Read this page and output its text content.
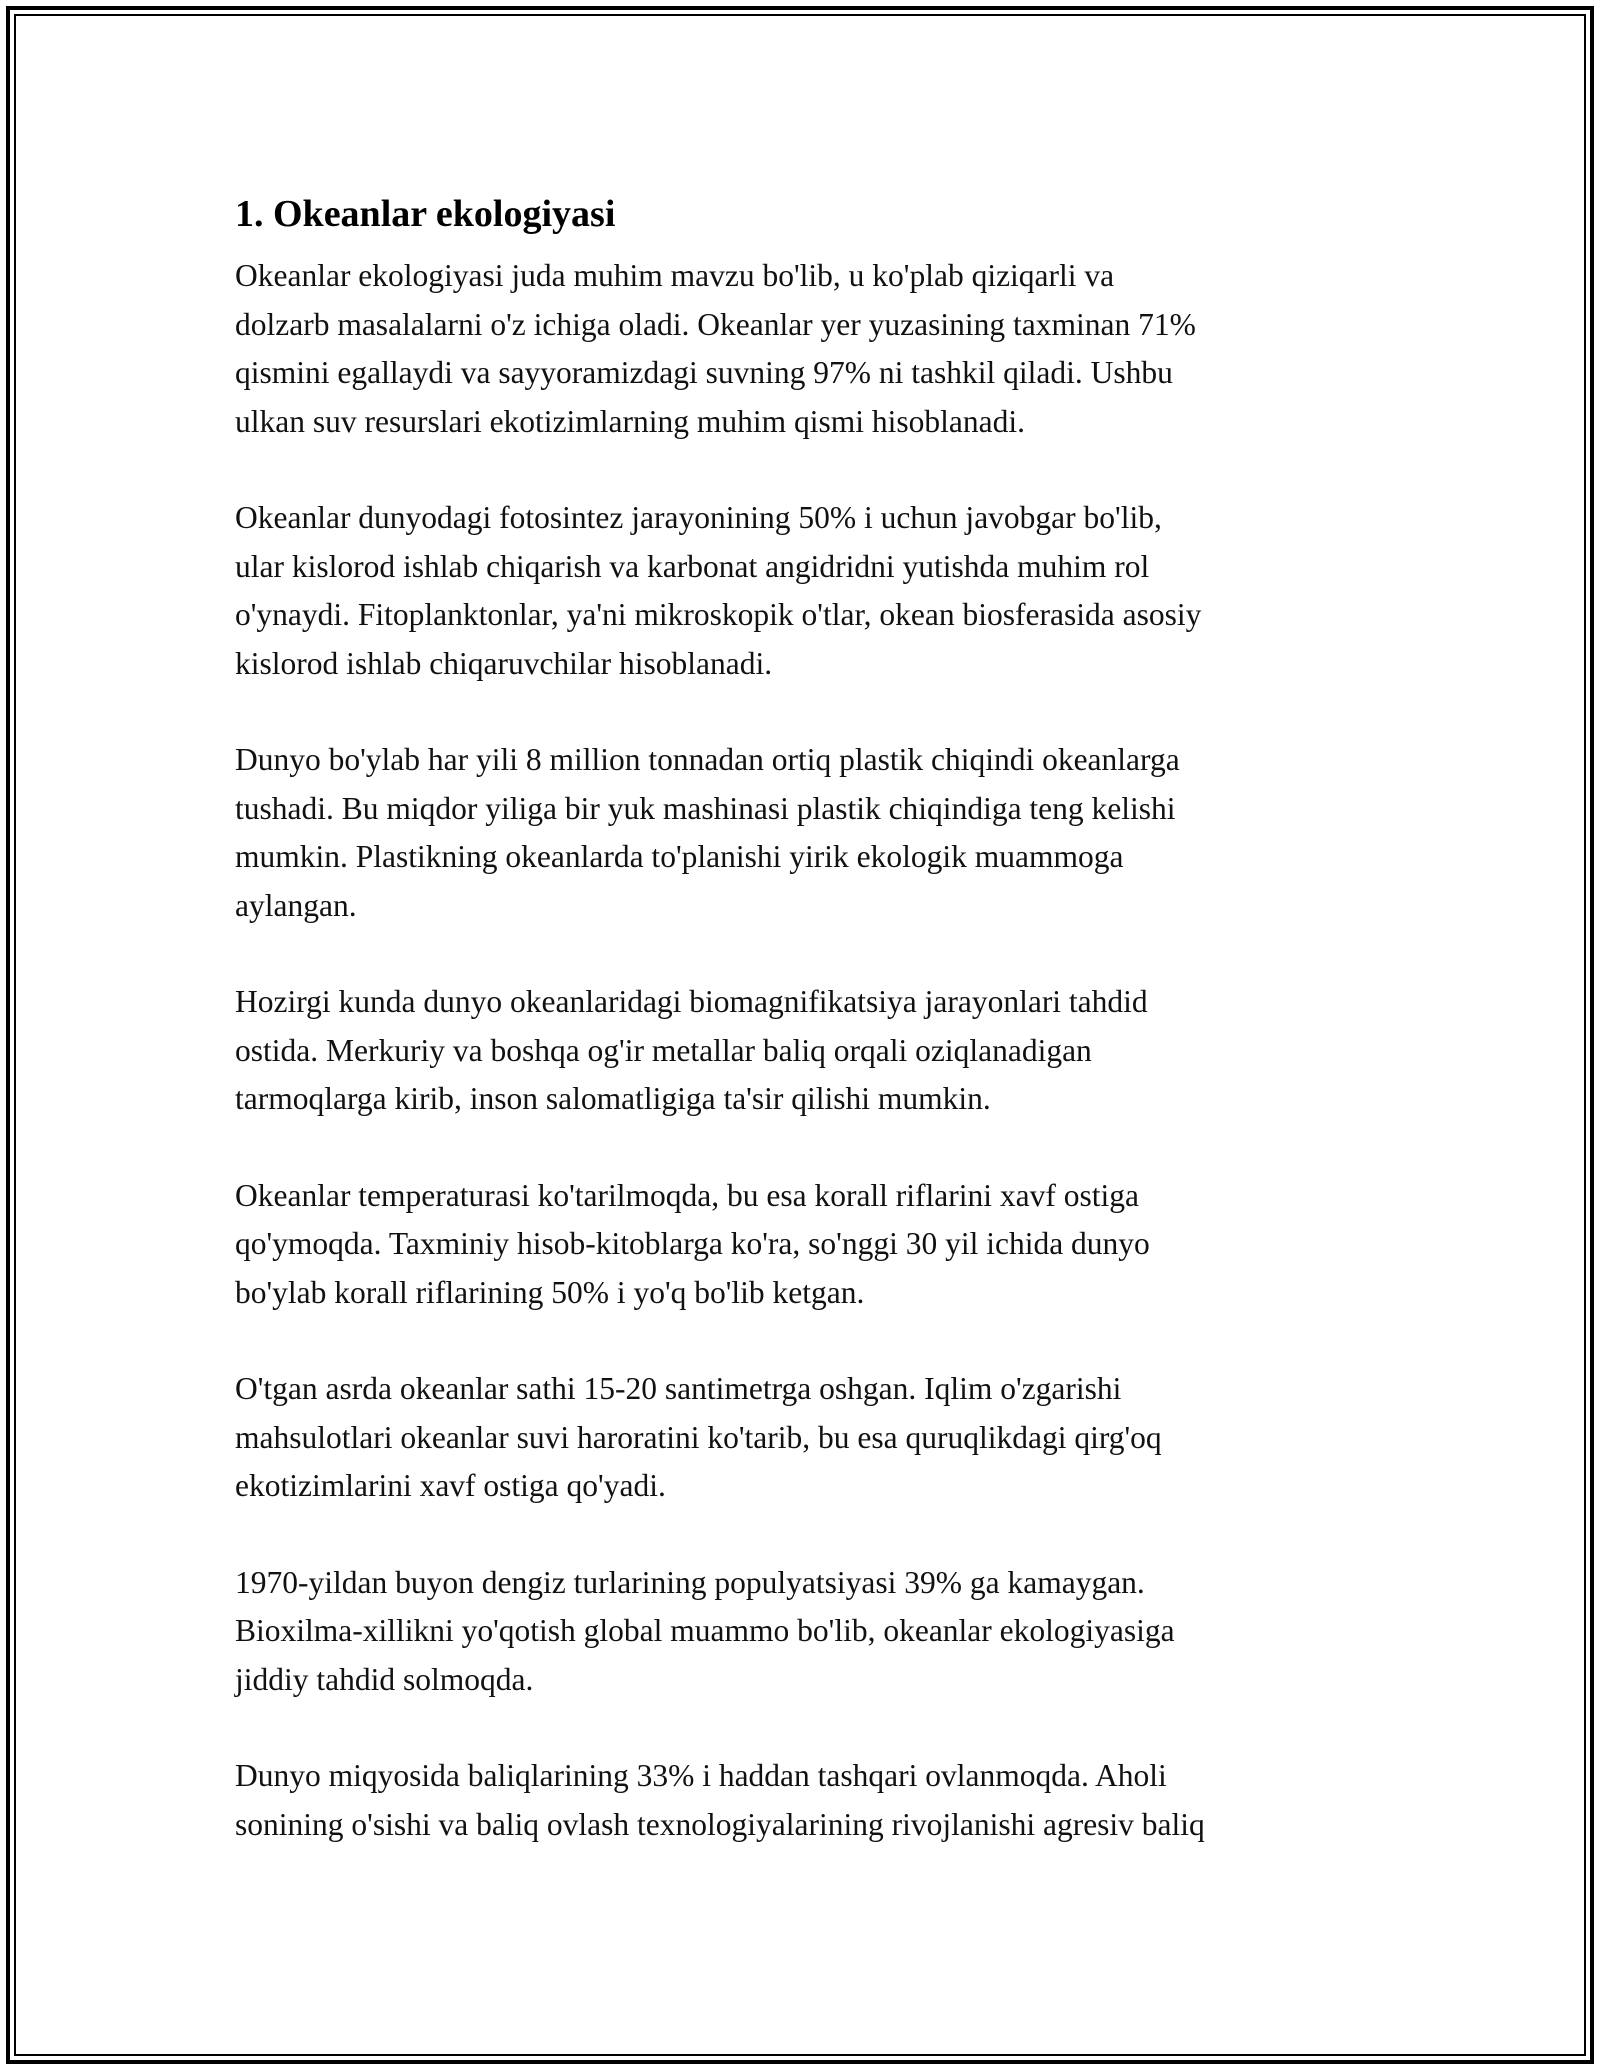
1. Okeanlar ekologiyasi

Okeanlar ekologiyasi juda muhim mavzu bo'lib, u ko'plab qiziqarli va
dolzarb masalalarni o'z ichiga oladi. Okeanlar yer yuzasining taxminan 71%
qismini egallaydi va sayyoramizdagi suvning 97% ni tashkil qiladi. Ushbu
ulkan suv resurslari ekotizimlarning muhim qismi hisoblanadi.

Okeanlar dunyodagi fotosintez jarayonining 50% i uchun javobgar bo'lib,
ular kislorod ishlab chiqarish va karbonat angidridni yutishda muhim rol
o'ynaydi. Fitoplanktonlar, ya'ni mikroskopik o'tlar, okean biosferasida asosiy
kislorod ishlab chiqaruvchilar hisoblanadi.

Dunyo bo'ylab har yili 8 million tonnadan ortiq plastik chiqindi okeanlarga
tushadi. Bu miqdor yiliga bir yuk mashinasi plastik chiqindiga teng kelishi
mumkin. Plastikning okeanlarda to'planishi yirik ekologik muammoga
aylangan.

Hozirgi kunda dunyo okeanlaridagi biomagnifikatsiya jarayonlari tahdid
ostida. Merkuriy va boshqa og'ir metallar baliq orqali oziqlanadigan
tarmoqlarga kirib, inson salomatligiga ta'sir qilishi mumkin.

Okeanlar temperaturasi ko'tarilmoqda, bu esa korall riflarini xavf ostiga
qo'ymoqda. Taxminiy hisob-kitoblarga ko'ra, so'nggi 30 yil ichida dunyo
bo'ylab korall riflarining 50% i yo'q bo'lib ketgan.

O'tgan asrda okeanlar sathi 15-20 santimetrga oshgan. Iqlim o'zgarishi
mahsulotlari okeanlar suvi haroratini ko'tarib, bu esa quruqlikdagi qirg'oq
ekotizimlarini xavf ostiga qo'yadi.

1970-yildan buyon dengiz turlarining populyatsiyasi 39% ga kamaygan.
Bioxilma-xillikni yo'qotish global muammo bo'lib, okeanlar ekologiyasiga
jiddiy tahdid solmoqda.

Dunyo miqyosida baliqlarining 33% i haddan tashqari ovlanmoqda. Aholi
sonining o'sishi va baliq ovlash texnologiyalarining rivojlanishi agresiv baliq
